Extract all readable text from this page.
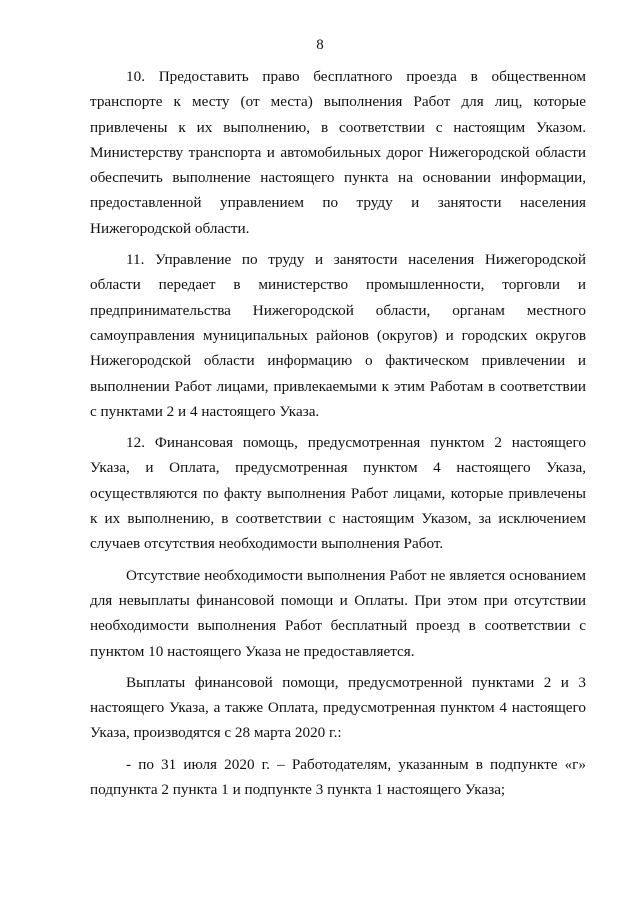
8

10. Предоставить право бесплатного проезда в общественном транспорте к месту (от места) выполнения Работ для лиц, которые привлечены к их выполнению, в соответствии с настоящим Указом. Министерству транспорта и автомобильных дорог Нижегородской области обеспечить выполнение настоящего пункта на основании информации, предоставленной управлением по труду и занятости населения Нижегородской области.

11. Управление по труду и занятости населения Нижегородской области передает в министерство промышленности, торговли и предпринимательства Нижегородской области, органам местного самоуправления муниципальных районов (округов) и городских округов Нижегородской области информацию о фактическом привлечении и выполнении Работ лицами, привлекаемыми к этим Работам в соответствии с пунктами 2 и 4 настоящего Указа.

12. Финансовая помощь, предусмотренная пунктом 2 настоящего Указа, и Оплата, предусмотренная пунктом 4 настоящего Указа, осуществляются по факту выполнения Работ лицами, которые привлечены к их выполнению, в соответствии с настоящим Указом, за исключением случаев отсутствия необходимости выполнения Работ.

Отсутствие необходимости выполнения Работ не является основанием для невыплаты финансовой помощи и Оплаты. При этом при отсутствии необходимости выполнения Работ бесплатный проезд в соответствии с пунктом 10 настоящего Указа не предоставляется.

Выплаты финансовой помощи, предусмотренной пунктами 2 и 3 настоящего Указа, а также Оплата, предусмотренная пунктом 4 настоящего Указа, производятся с 28 марта 2020 г.:

- по 31 июля 2020 г. – Работодателям, указанным в подпункте «г» подпункта 2 пункта 1 и подпункте 3 пункта 1 настоящего Указа;
